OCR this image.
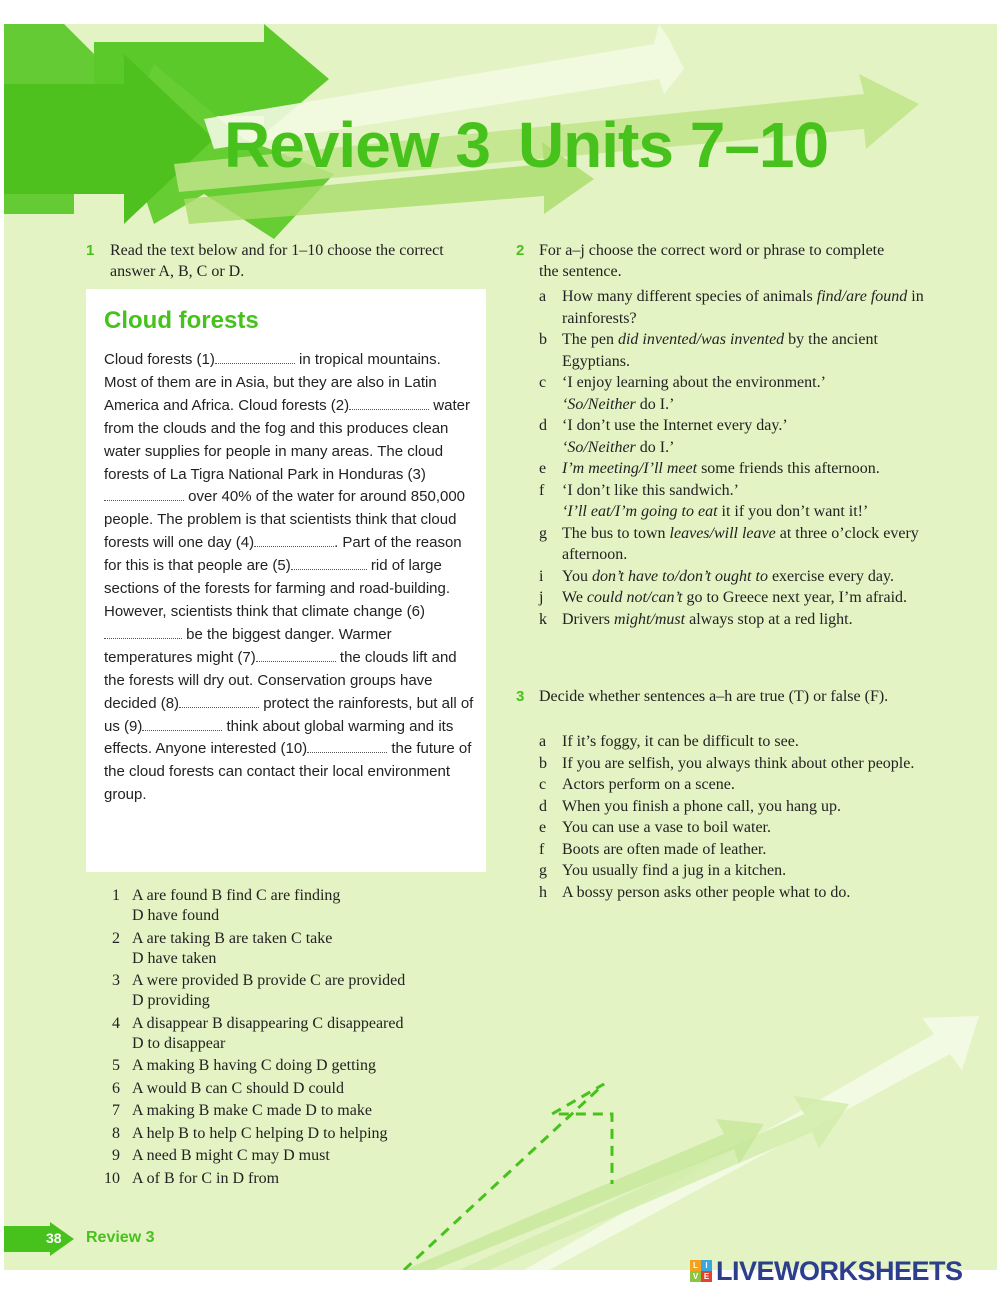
Review 3 Units 7–10
1 Read the text below and for 1–10 choose the correct answer A, B, C or D.

Cloud forests

Cloud forests (1)	in tropical mountains. Most of them are in Asia, but they are also in Latin America and Africa. Cloud forests (2)	water from the clouds and the fog and this produces clean water supplies for people in many areas. The cloud forests of La Tigra National Park in Honduras (3) over 40% of the water for around 850,000 people. The problem is that scientists think that cloud forests will one day (4)	. Part of the reason for this is that people are (5)	rid of large sections of the forests for farming and road-building. However, scientists think that climate change (6) be the biggest danger. Warmer temperatures might (7)	the clouds lift and the forests will dry out. Conservation groups have decided (8)	protect the rainforests, but all of us (9)	think about global warming and its effects. Anyone interested (10)	the future of the cloud forests can contact their local environment group.

1 A are found B find C are finding
D have found
2 A are taking B are taken C take
D have taken
3 A were provided B provide C are provided
D providing
4 A disappear B disappearing C disappeared
D to disappear
5 A making B having C doing D getting
6 A would B can C should D could
7 A making B make C made D to make
8 A help B to help C helping D to helping
9 A need B might C may D must
10 A of B for C in D from
2 For a–j choose the correct word or phrase to complete the sentence.

a How many different species of animals find/are found in rainforests?
b The pen did invented/was invented by the ancient Egyptians.
c ‘I enjoy learning about the environment.’
‘So/Neither do I.’
d ‘I don’t use the Internet every day.’
‘So/Neither do I.’
e I’m meeting/I’ll meet some friends this afternoon.
f ‘I don’t like this sandwich.’
‘I’ll eat/I’m going to eat it if you don’t want it!’
g The bus to town leaves/will leave at three o’clock every afternoon.
i You don’t have to/don’t ought to exercise every day.
j We could not/can’t go to Greece next year, I’m afraid.
k Drivers might/must always stop at a red light.
3 Decide whether sentences a–h are true (T) or false (F).

a If it’s foggy, it can be difficult to see.
b If you are selfish, you always think about other people.
c Actors perform on a scene.
d When you finish a phone call, you hang up.
e You can use a vase to boil water.
f Boots are often made of leather.
g You usually find a jug in a kitchen.
h A bossy person asks other people what to do.
38 Review 3
L I
V E LIVEWORKSHEETS
